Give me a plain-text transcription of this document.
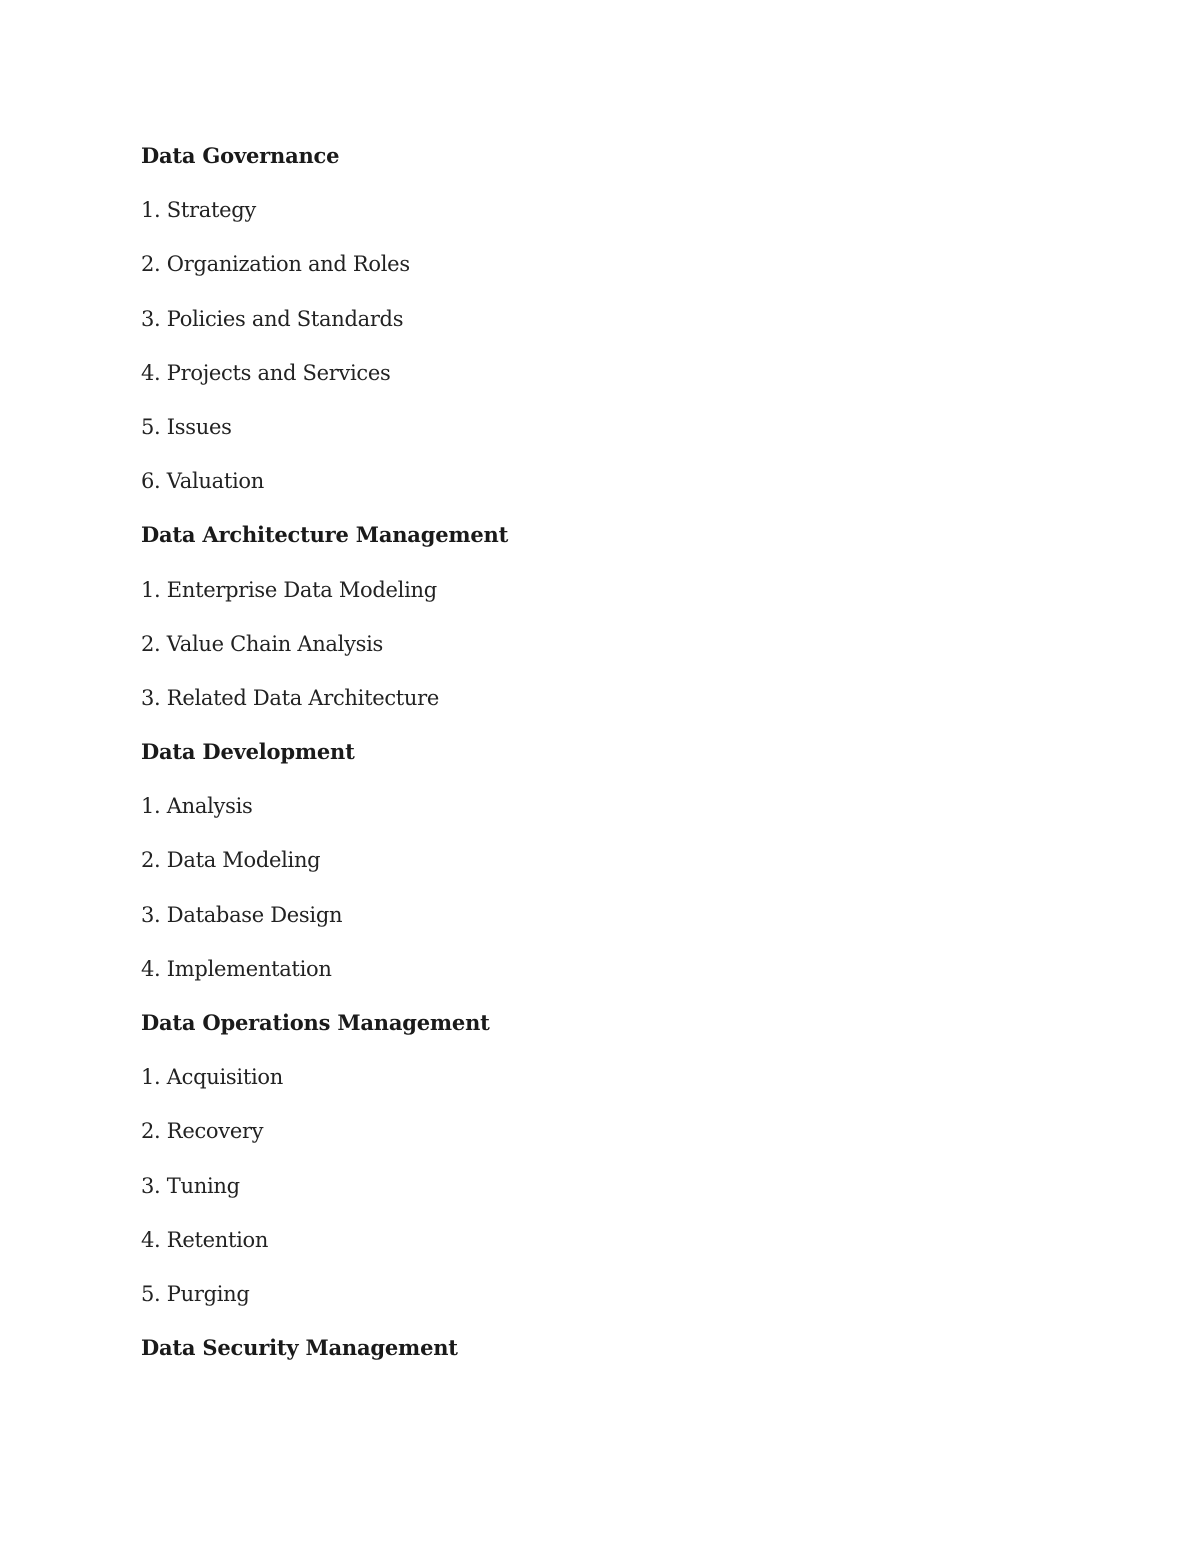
Data Governance
1. Strategy
2. Organization and Roles
3. Policies and Standards
4. Projects and Services
5. Issues
6. Valuation
Data Architecture Management
1. Enterprise Data Modeling
2. Value Chain Analysis
3. Related Data Architecture
Data Development
1. Analysis
2. Data Modeling
3. Database Design
4. Implementation
Data Operations Management
1. Acquisition
2. Recovery
3. Tuning
4. Retention
5. Purging
Data Security Management
